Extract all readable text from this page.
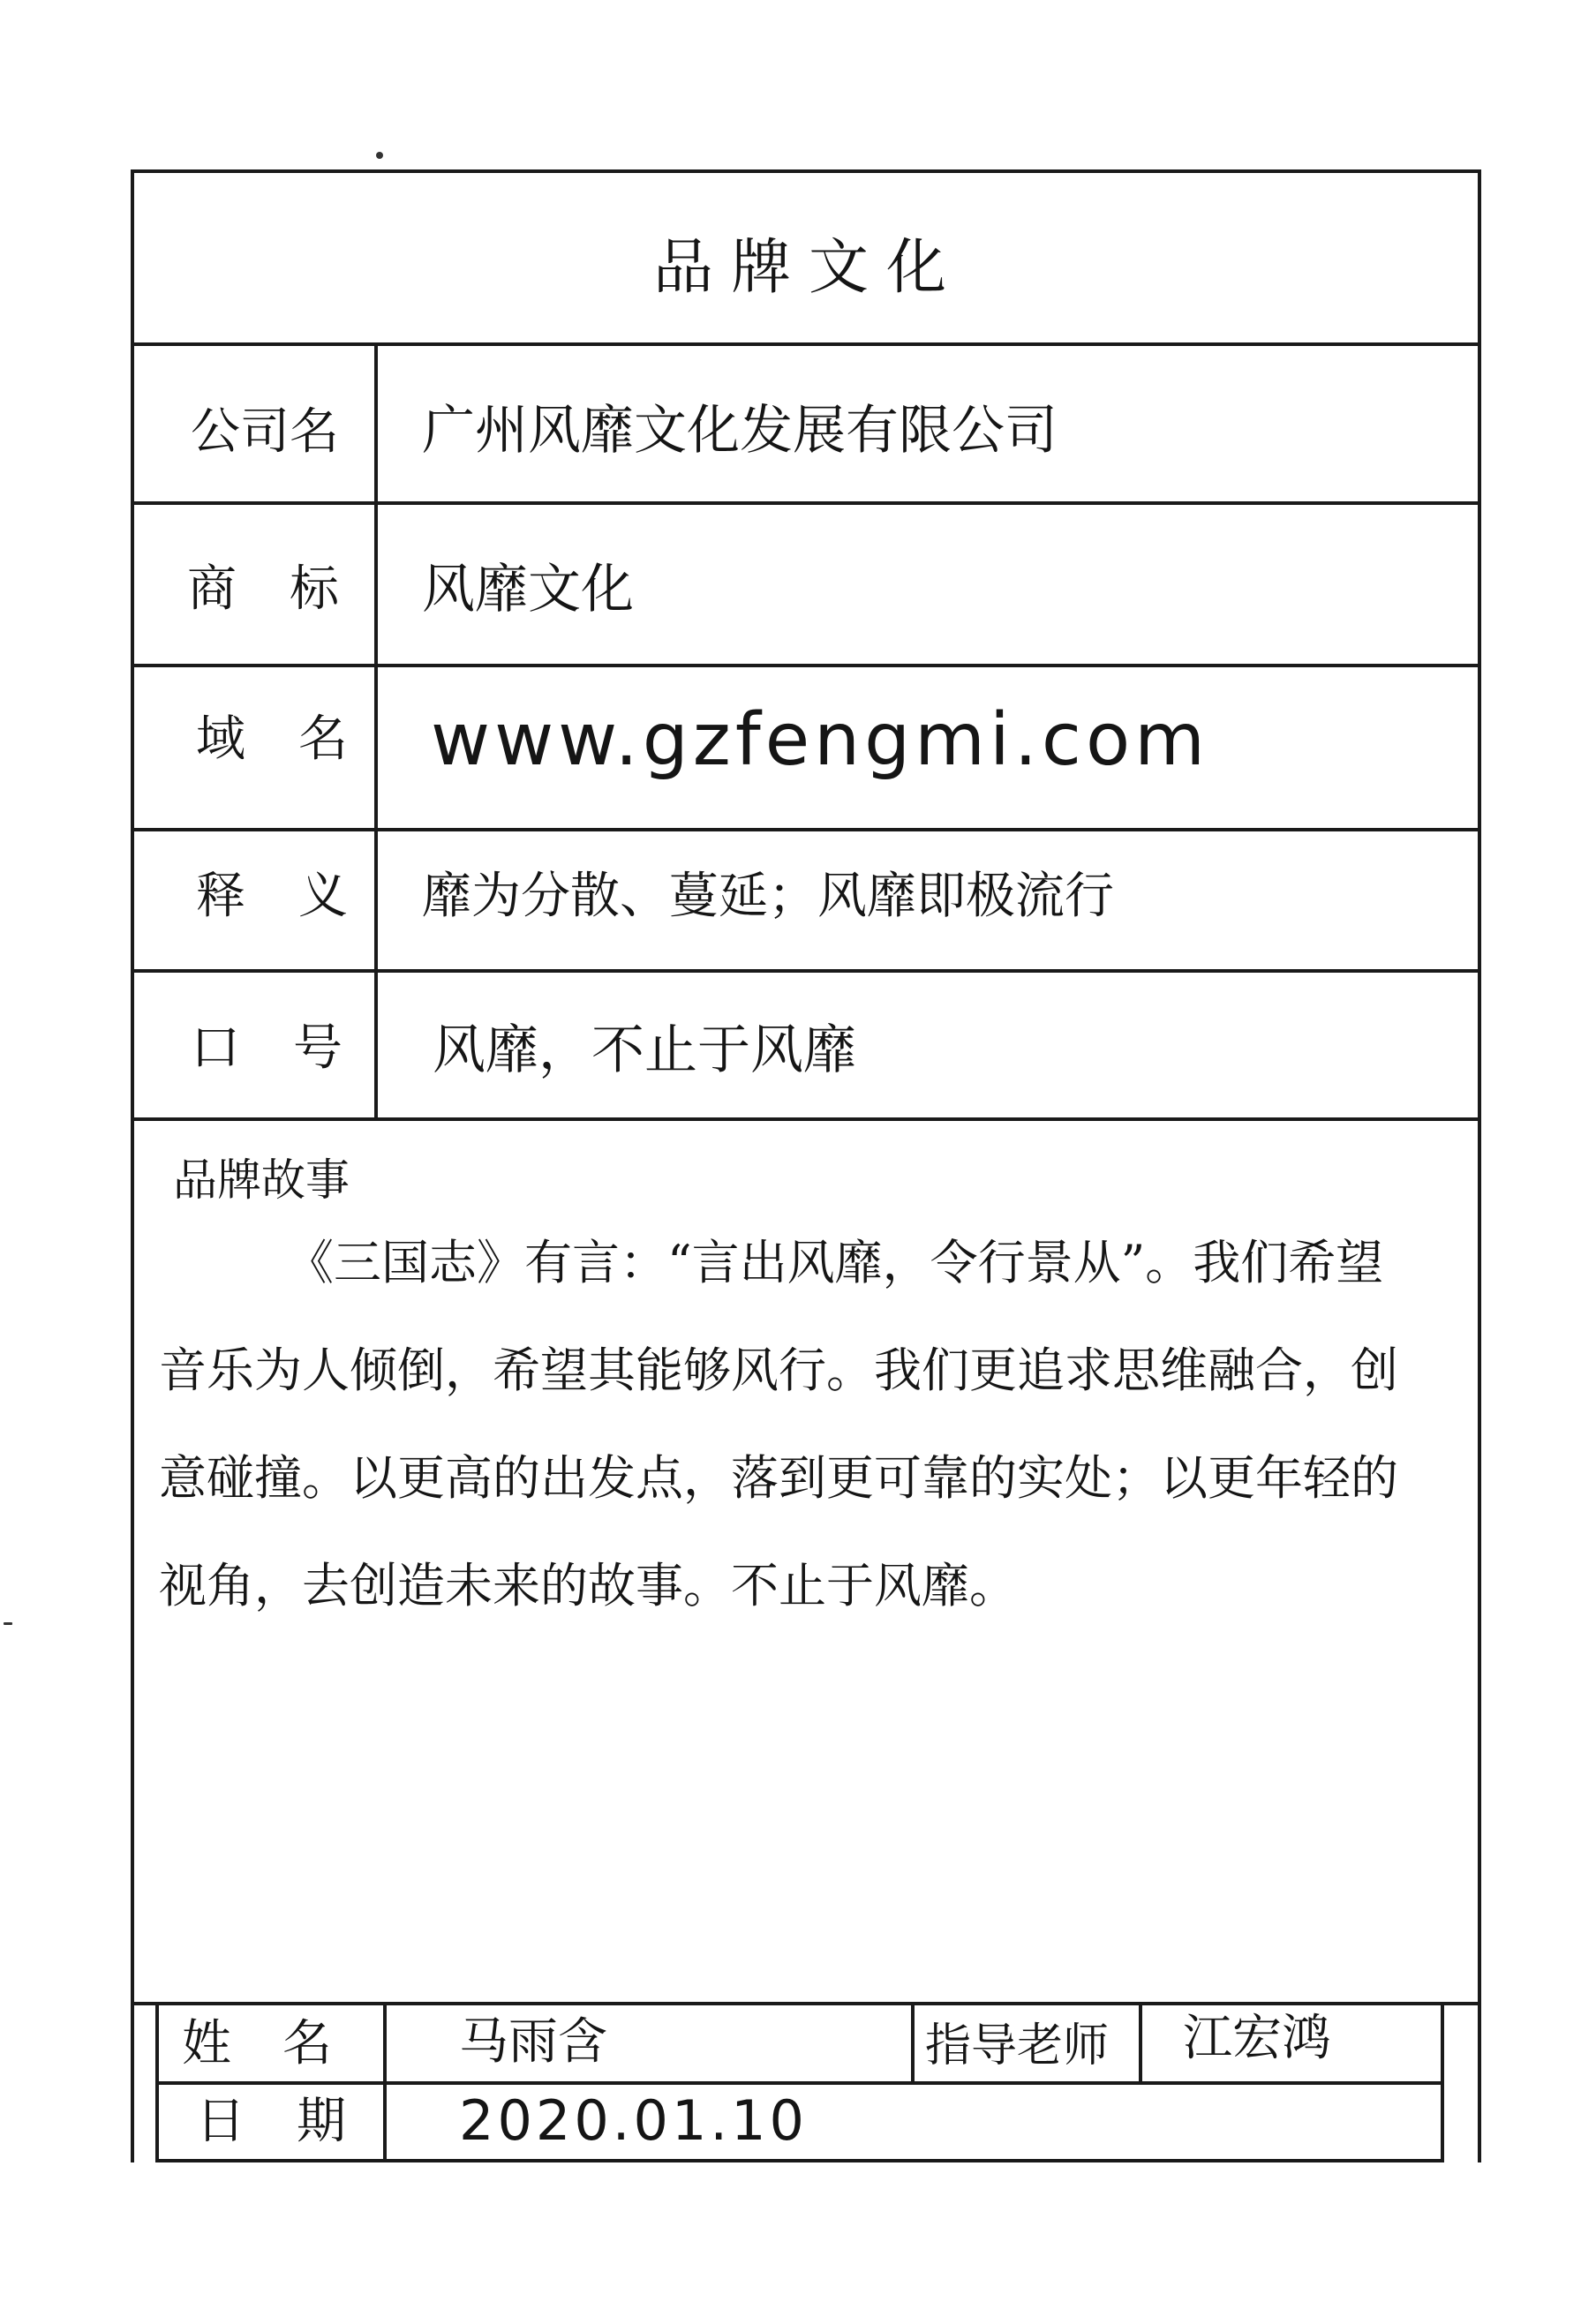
品牌文化
公司名 广州风靡文化发展有限公司
商标 风靡文化
域名 www.gzfengmi.com
释义 靡为分散、蔓延；风靡即极流行
口号 风靡，不止于风靡
品牌故事
《三国志》有言：“言出风靡，令行景从”。我们希望音乐为人倾倒，希望其能够风行。我们更追求思维融合，创意碰撞。以更高的出发点，落到更可靠的实处；以更年轻的视角，去创造未来的故事。不止于风靡。
姓名 马雨含	指导老师 江宏鸿
日期 2020.01.10
